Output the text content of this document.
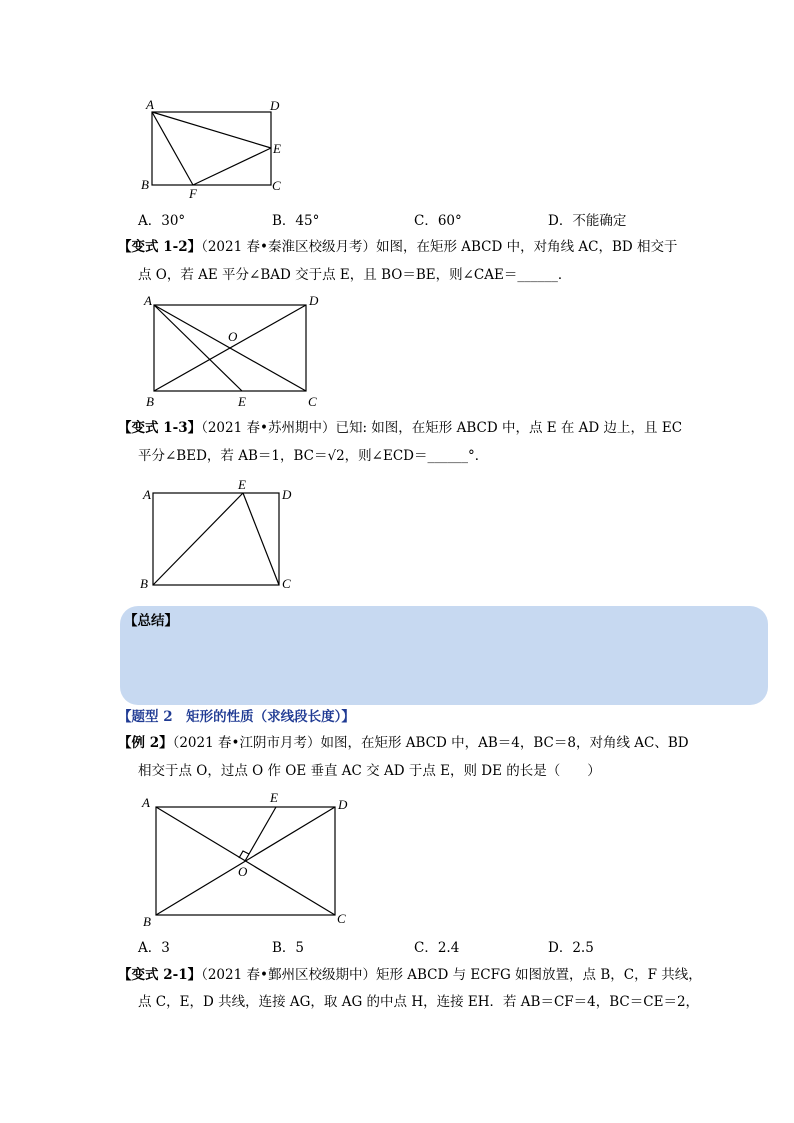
A	D
E
B	C
F
A．30°	B．45°	C．60°	D．不能确定
【变式 1-2】（2021 春•秦淮区校级月考）如图，在矩形 ABCD 中，对角线 AC，BD 相交于
点 O，若 AE 平分∠BAD 交于点 E，且 BO＝BE，则∠CAE＝______．
A	D
O
B	E	C
【变式 1-3】（2021 春•苏州期中）已知: 如图，在矩形 ABCD 中，点 E 在 AD 边上，且 EC
平分∠BED，若 AB＝1，BC＝√2，则∠ECD＝______°．
A
E
D
B	C
【总结】
【题型 2　矩形的性质（求线段长度）】
【例 2】（2021 春•江阴市月考）如图，在矩形 ABCD 中，AB＝4，BC＝8，对角线 AC、BD
相交于点 O，过点 O 作 OE 垂直 AC 交 AD 于点 E，则 DE 的长是（　　）
A	E	D
O
B	C
A．3	B．5	C．2.4	D．2.5
【变式 2-1】（2021 春•鄞州区校级期中）矩形 ABCD 与 ECFG 如图放置，点 B，C，F 共线，
点 C，E，D 共线，连接 AG，取 AG 的中点 H，连接 EH．若 AB＝CF＝4，BC＝CE＝2，
